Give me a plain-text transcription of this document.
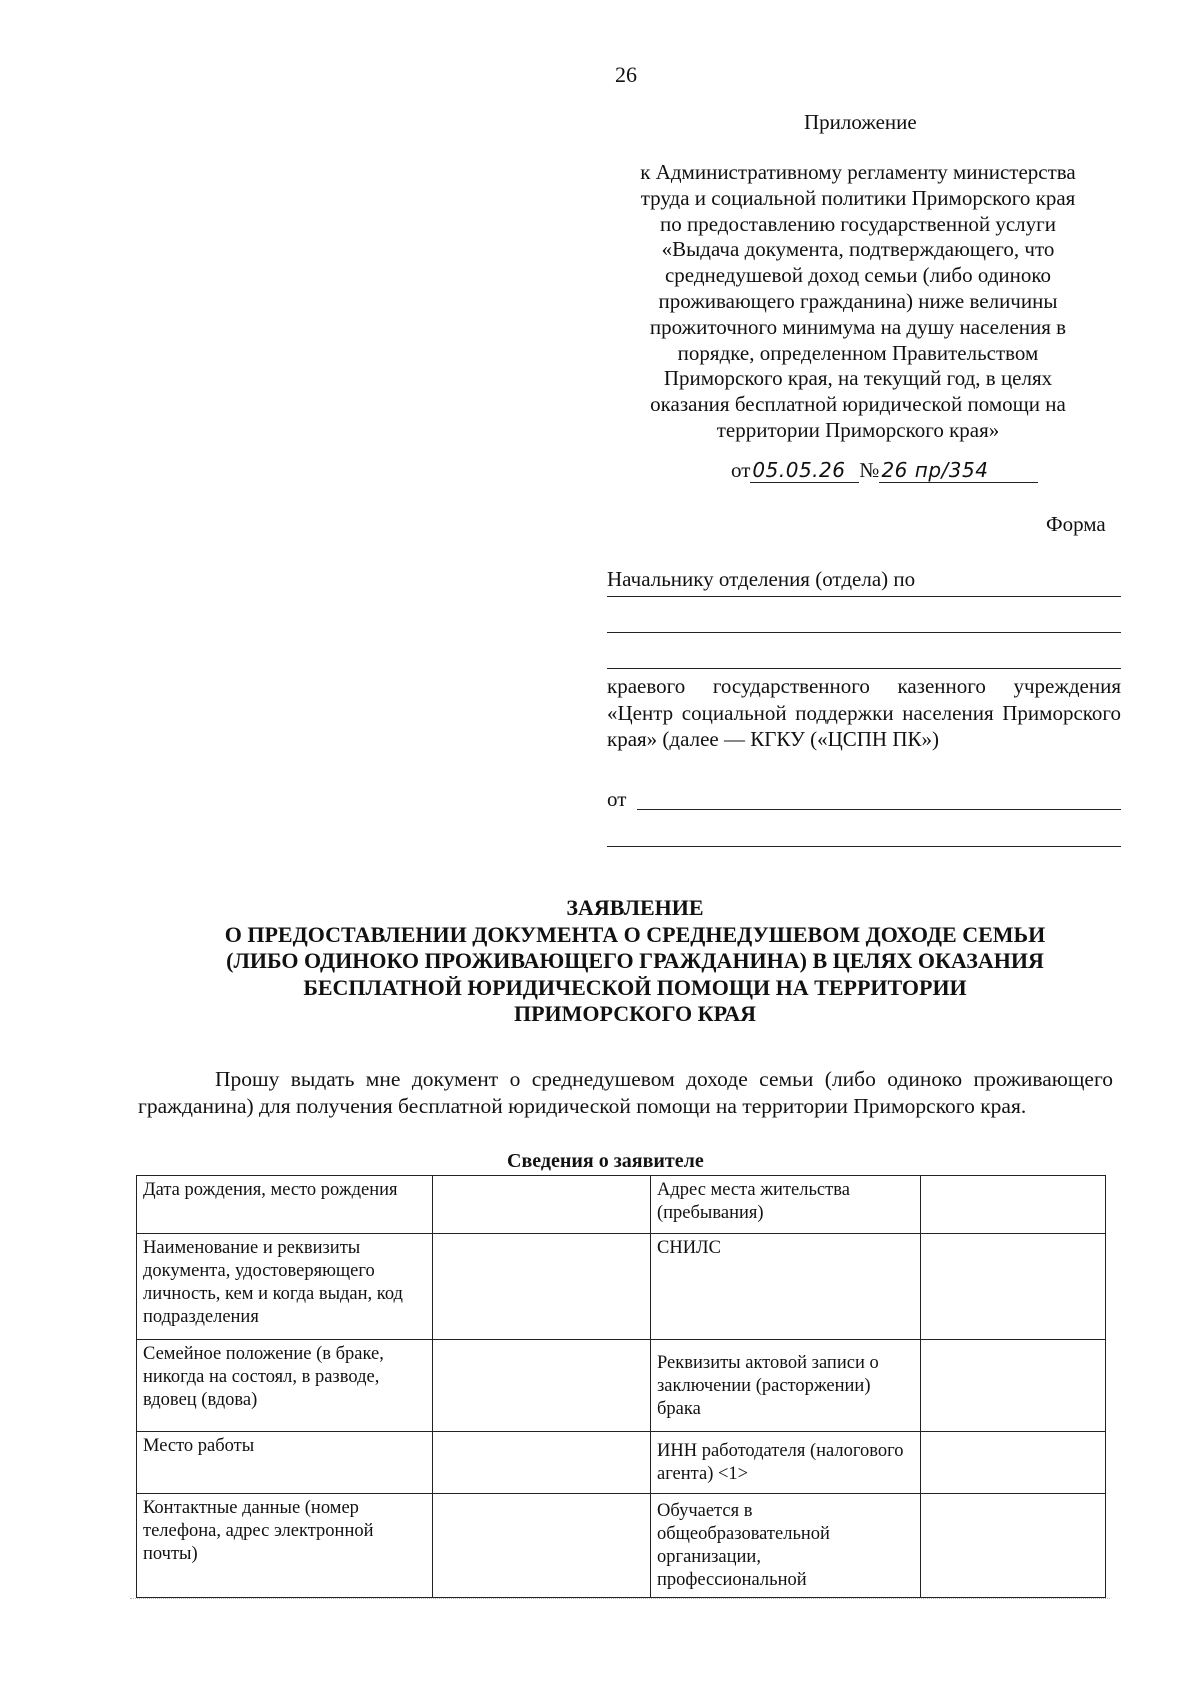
26
Приложение

к Административному регламенту министерства

труда и социальной политики Приморского края

по предоставлению государственной услуги

«Выдача документа, подтверждающего, что

среднедушевой доход семьи (либо одиноко

проживающего гражданина) ниже величины

прожиточного минимума на душу населения в

порядке, определенном Правительством

Приморского края, на текущий год, в целях

оказания бесплатной юридической помощи на

территории Приморского края»

от 05.05.26 № 26 пр/354
Форма
Начальнику отделения (отдела) по
краевого государственного казенного учреждения «Центр социальной поддержки населения Приморского края» (далее — КГКУ («ЦСПН ПК»)
от
ЗАЯВЛЕНИЕ
О ПРЕДОСТАВЛЕНИИ ДОКУМЕНТА О СРЕДНЕДУШЕВОМ ДОХОДЕ СЕМЬИ
(ЛИБО ОДИНОКО ПРОЖИВАЮЩЕГО ГРАЖДАНИНА) В ЦЕЛЯХ ОКАЗАНИЯ
БЕСПЛАТНОЙ ЮРИДИЧЕСКОЙ ПОМОЩИ НА ТЕРРИТОРИИ
ПРИМОРСКОГО КРАЯ

Прошу выдать мне документ о среднедушевом доходе семьи (либо одиноко проживающего гражданина) для получения бесплатной юридической помощи на территории Приморского края.

Сведения о заявителе
Дата рождения, место рождения		Адрес места жительства (пребывания)	
Наименование и реквизиты документа, удостоверяющего личность, кем и когда выдан, код подразделения		СНИЛС	
Семейное положение (в браке, никогда на состоял, в разводе, вдовец (вдова)		Реквизиты актовой записи о заключении (расторжении) брака	
Место работы		ИНН работодателя (налогового агента) <1>	
Контактные данные (номер телефона, адрес электронной почты)		Обучается в общеобразовательной организации, профессиональной	
